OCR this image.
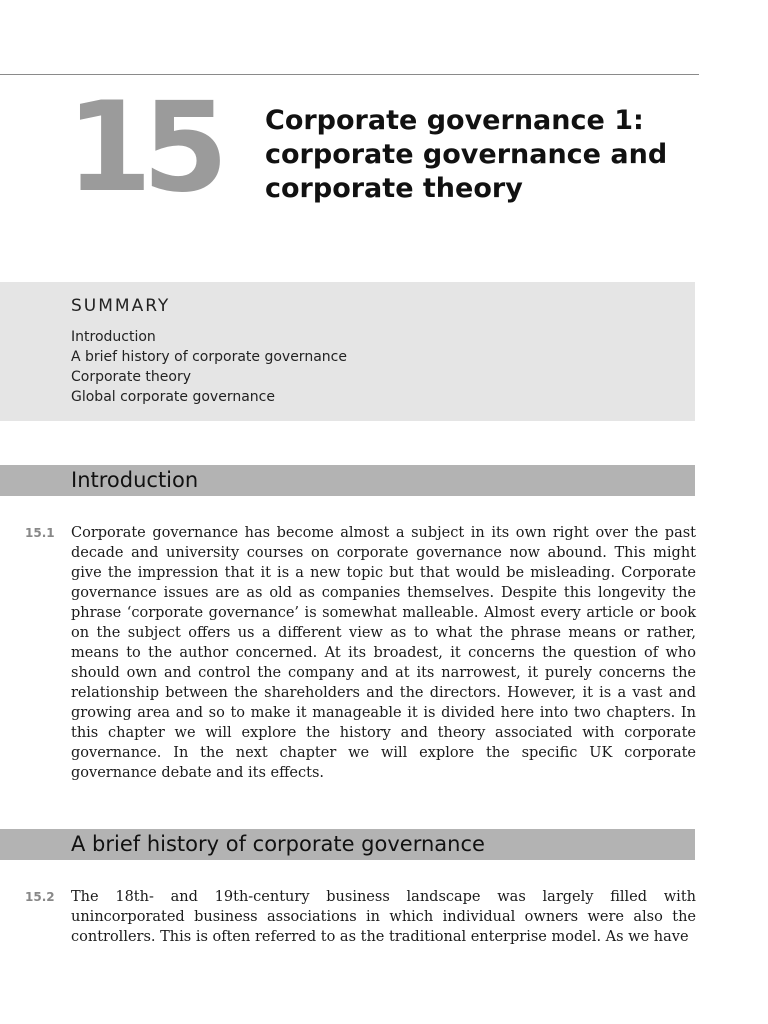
15 Corporate governance 1: corporate governance and corporate theory
SUMMARY
Introduction
A brief history of corporate governance
Corporate theory
Global corporate governance
Introduction
15.1 Corporate governance has become almost a subject in its own right over the past decade and university courses on corporate governance now abound. This might give the impression that it is a new topic but that would be misleading. Corporate governance issues are as old as companies themselves. Despite this longevity the phrase ‘corporate governance’ is somewhat malleable. Almost every article or book on the subject offers us a different view as to what the phrase means or rather, means to the author concerned. At its broadest, it concerns the question of who should own and control the company and at its narrowest, it purely concerns the relationship between the shareholders and the directors. However, it is a vast and growing area and so to make it manageable it is divided here into two chapters. In this chapter we will explore the history and theory associated with corporate governance. In the next chapter we will explore the specific UK corporate governance debate and its effects.

A brief history of corporate governance
15.2 The 18th- and 19th-century business landscape was largely filled with unincorporated business associations in which individual owners were also the controllers. This is often referred to as the traditional enterprise model. As we have
